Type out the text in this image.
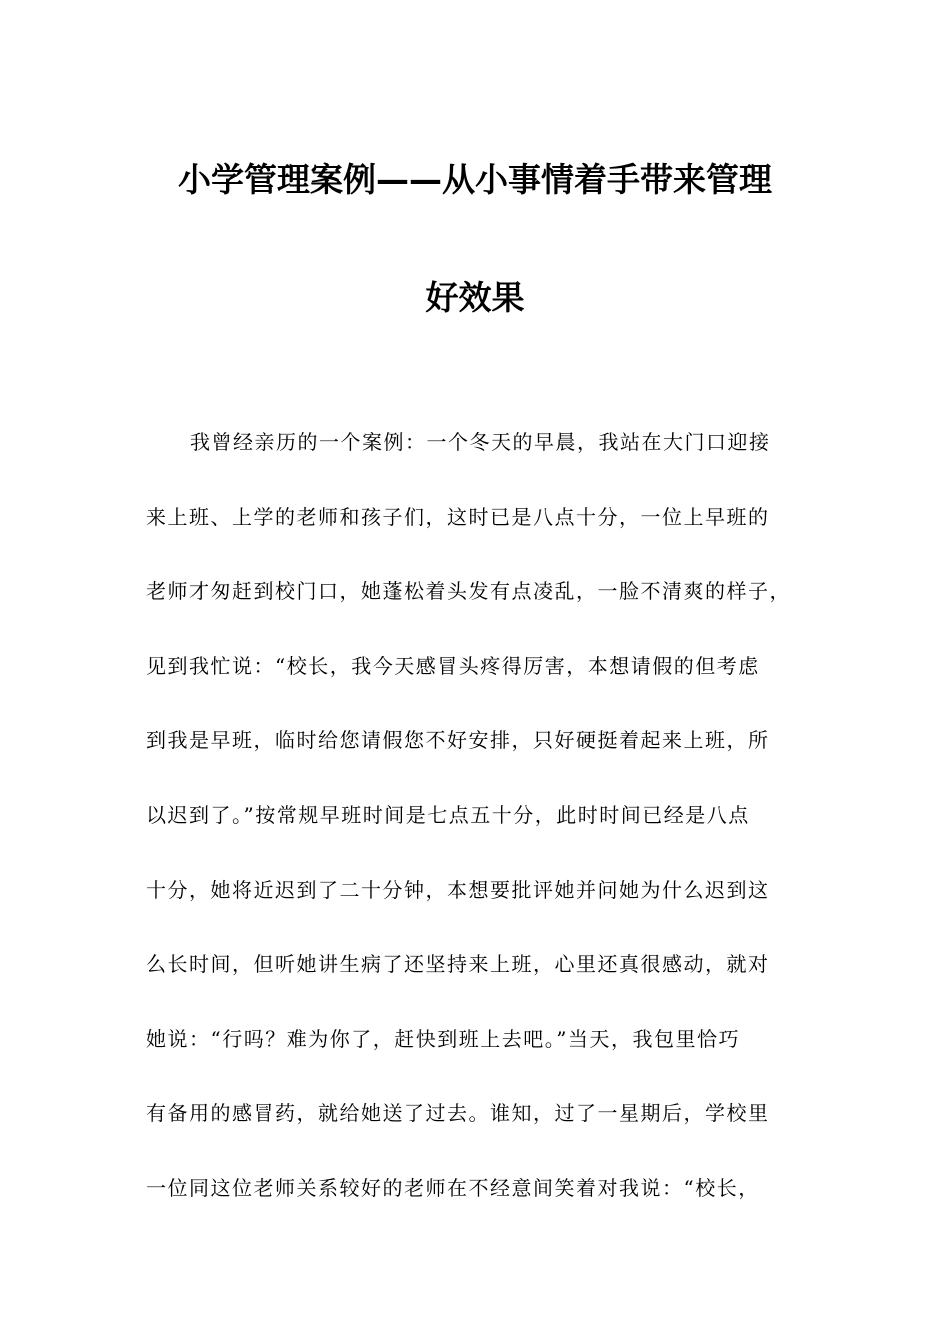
小学管理案例——从小事情着手带来管理
好效果
我曾经亲历的一个案例：一个冬天的早晨，我站在大门口迎接
来上班、上学的老师和孩子们，这时已是八点十分，一位上早班的
老师才匆赶到校门口，她蓬松着头发有点凌乱，一脸不清爽的样子，
见到我忙说：“校长，我今天感冒头疼得厉害，本想请假的但考虑
到我是早班，临时给您请假您不好安排，只好硬挺着起来上班，所
以迟到了。”按常规早班时间是七点五十分，此时时间已经是八点
十分，她将近迟到了二十分钟，本想要批评她并问她为什么迟到这
么长时间，但听她讲生病了还坚持来上班，心里还真很感动，就对
她说：“行吗？难为你了，赶快到班上去吧。”当天，我包里恰巧
有备用的感冒药，就给她送了过去。谁知，过了一星期后，学校里
一位同这位老师关系较好的老师在不经意间笑着对我说：“校长，
